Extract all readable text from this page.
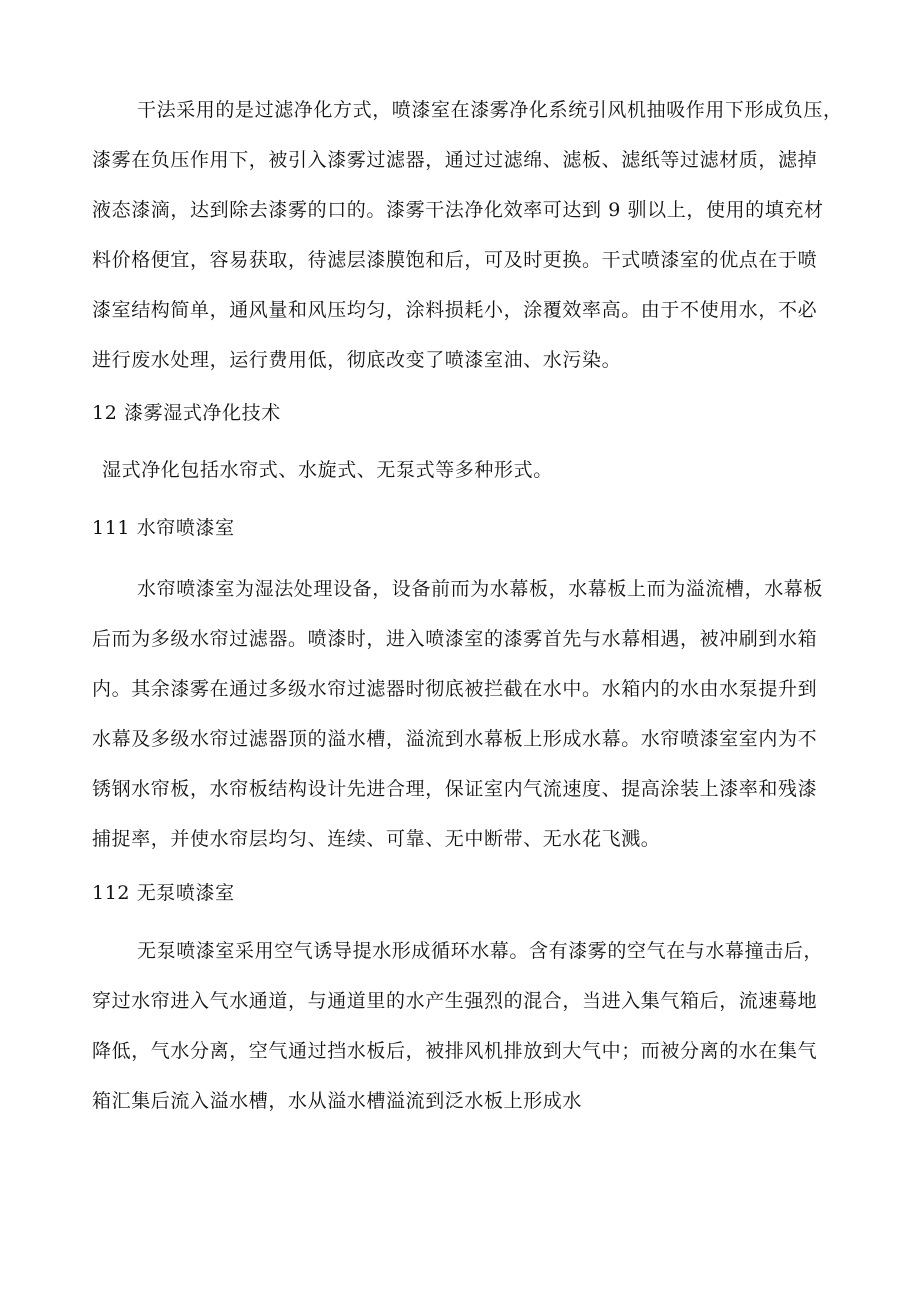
干法采用的是过滤净化方式，喷漆室在漆雾净化系统引风机抽吸作用下形成负压，
漆雾在负压作用下，被引入漆雾过滤器，通过过滤绵、滤板、滤纸等过滤材质，滤掉
液态漆滴，达到除去漆雾的口的。漆雾干法净化效率可达到 9 驯以上，使用的填充材
料价格便宜，容易获取，待滤层漆膜饱和后，可及时更换。干式喷漆室的优点在于喷
漆室结构简单，通风量和风压均匀，涂料损耗小，涂覆效率高。由于不使用水，不必
进行废水处理，运行费用低，彻底改变了喷漆室油、水污染。
12 漆雾湿式净化技术
湿式净化包括水帘式、水旋式、无泵式等多种形式。
111 水帘喷漆室
水帘喷漆室为湿法处理设备，设备前而为水幕板，水幕板上而为溢流槽，水幕板
后而为多级水帘过滤器。喷漆时，进入喷漆室的漆雾首先与水幕相遇，被冲刷到水箱
内。其余漆雾在通过多级水帘过滤器时彻底被拦截在水中。水箱内的水由水泵提升到
水幕及多级水帘过滤器顶的溢水槽，溢流到水幕板上形成水幕。水帘喷漆室室内为不
锈钢水帘板，水帘板结构设计先进合理，保证室内气流速度、提高涂装上漆率和残漆
捕捉率，并使水帘层均匀、连续、可靠、无中断带、无水花飞溅。
112 无泵喷漆室
无泵喷漆室采用空气诱导提水形成循环水幕。含有漆雾的空气在与水幕撞击后，
穿过水帘进入气水通道，与通道里的水产生强烈的混合，当进入集气箱后，流速蓦地
降低，气水分离，空气通过挡水板后，被排风机排放到大气中；而被分离的水在集气
箱汇集后流入溢水槽，水从溢水槽溢流到泛水板上形成水
